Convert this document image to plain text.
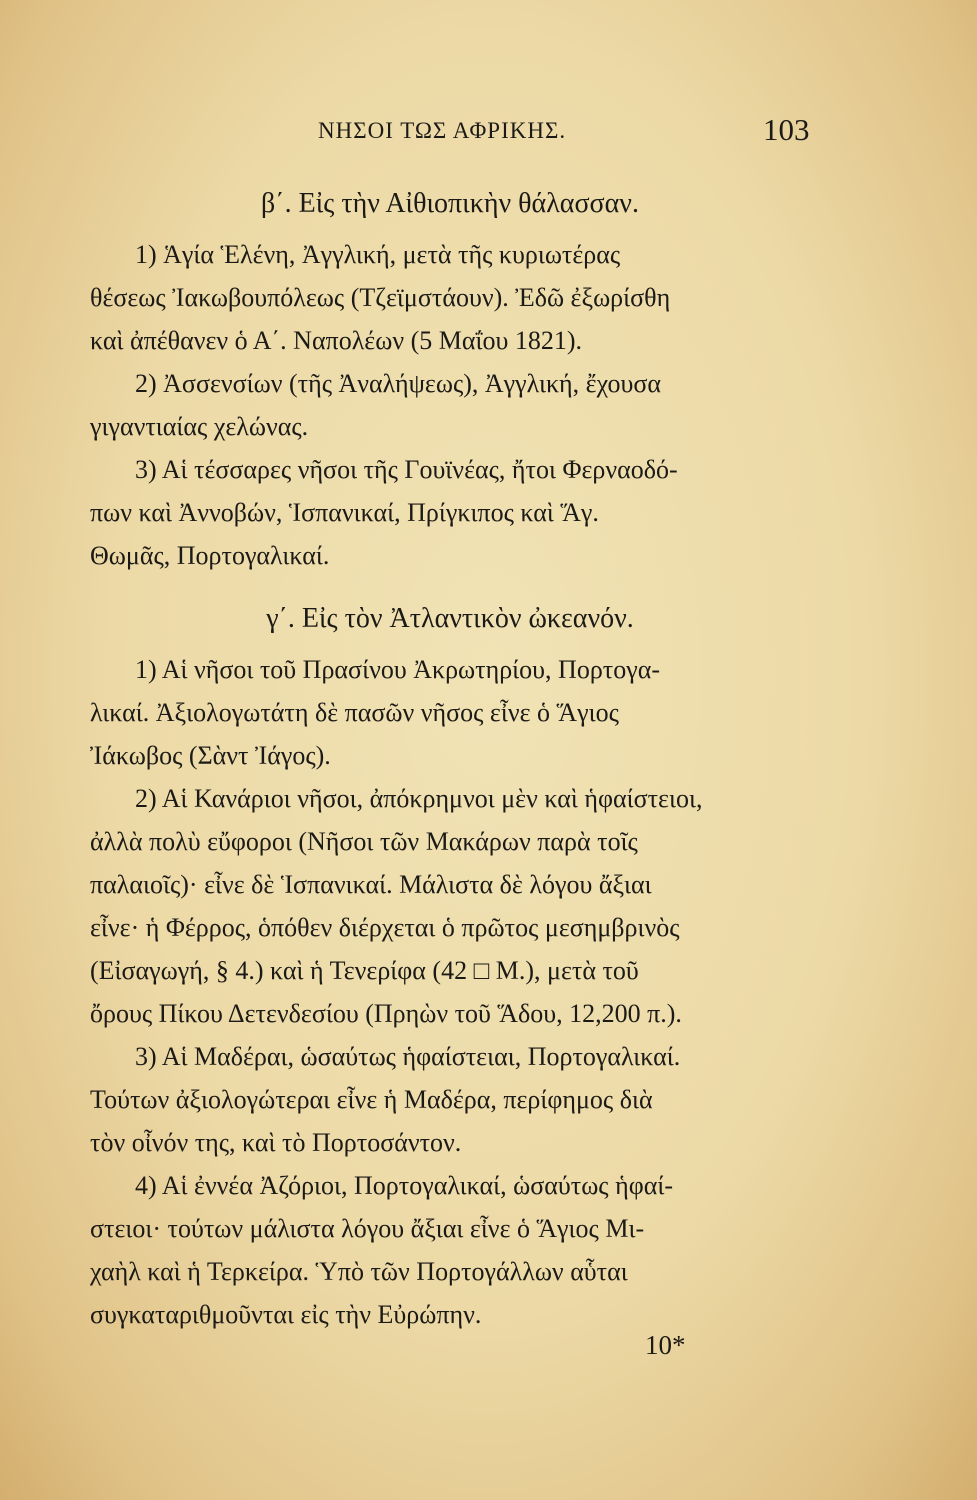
ΝΗΣΟΙ ΤΩΣ ΑΦΡΙΚΗΣ.	103
β΄. Εἰς τὴν Αἰθιοπικὴν θάλασσαν.
1) Ἁγία Ἑλένη, Ἀγγλική, μετὰ τῆς κυριωτέρας
θέσεως Ἰακωβουπόλεως (Τζεϊμστάουν). Ἐδῶ ἐξωρίσθη
καὶ ἀπέθανεν ὁ Α΄. Ναπολέων (5 Μαΐου 1821).
2) Ἀσσενσίων (τῆς Ἀναλήψεως), Ἀγγλική, ἔχουσα
γιγαντιαίας χελώνας.
3) Αἱ τέσσαρες νῆσοι τῆς Γουϊνέας, ἤτοι Φερναοδό-
πων καὶ Ἀννοβών, Ἱσπανικαί, Πρίγκιπος καὶ Ἅγ.
Θωμᾶς, Πορτογαλικαί.
γ΄. Εἰς τὸν Ἀτλαντικὸν ὠκεανόν.
1) Αἱ νῆσοι τοῦ Πρασίνου Ἀκρωτηρίου, Πορτογα-
λικαί. Ἀξιολογωτάτη δὲ πασῶν νῆσος εἶνε ὁ Ἅγιος
Ἰάκωβος (Σὰντ Ἰάγος).
2) Αἱ Κανάριοι νῆσοι, ἀπόκρημνοι μὲν καὶ ἡφαίστειοι,
ἀλλὰ πολὺ εὔφοροι (Νῆσοι τῶν Μακάρων παρὰ τοῖς
παλαιοῖς)· εἶνε δὲ Ἱσπανικαί. Μάλιστα δὲ λόγου ἄξιαι
εἶνε· ἡ Φέρρος, ὁπόθεν διέρχεται ὁ πρῶτος μεσημβρινὸς
(Εἰσαγωγή, § 4.) καὶ ἡ Τενερίφα (42 □ Μ.), μετὰ τοῦ
ὄρους Πίκου Δετενδεσίου (Πρηὼν τοῦ Ἅδου, 12,200 π.).
3) Αἱ Μαδέραι, ὡσαύτως ἡφαίστειαι, Πορτογαλικαί.
Τούτων ἀξιολογώτεραι εἶνε ἡ Μαδέρα, περίφημος διὰ
τὸν οἶνόν της, καὶ τὸ Πορτοσάντον.
4) Αἱ ἐννέα Ἀζόριοι, Πορτογαλικαί, ὡσαύτως ἡφαί-
στειοι· τούτων μάλιστα λόγου ἄξιαι εἶνε ὁ Ἅγιος Μι-
χαὴλ καὶ ἡ Τερκείρα. Ὑπὸ τῶν Πορτογάλλων αὗται
συγκαταριθμοῦνται εἰς τὴν Εὐρώπην.
10*
